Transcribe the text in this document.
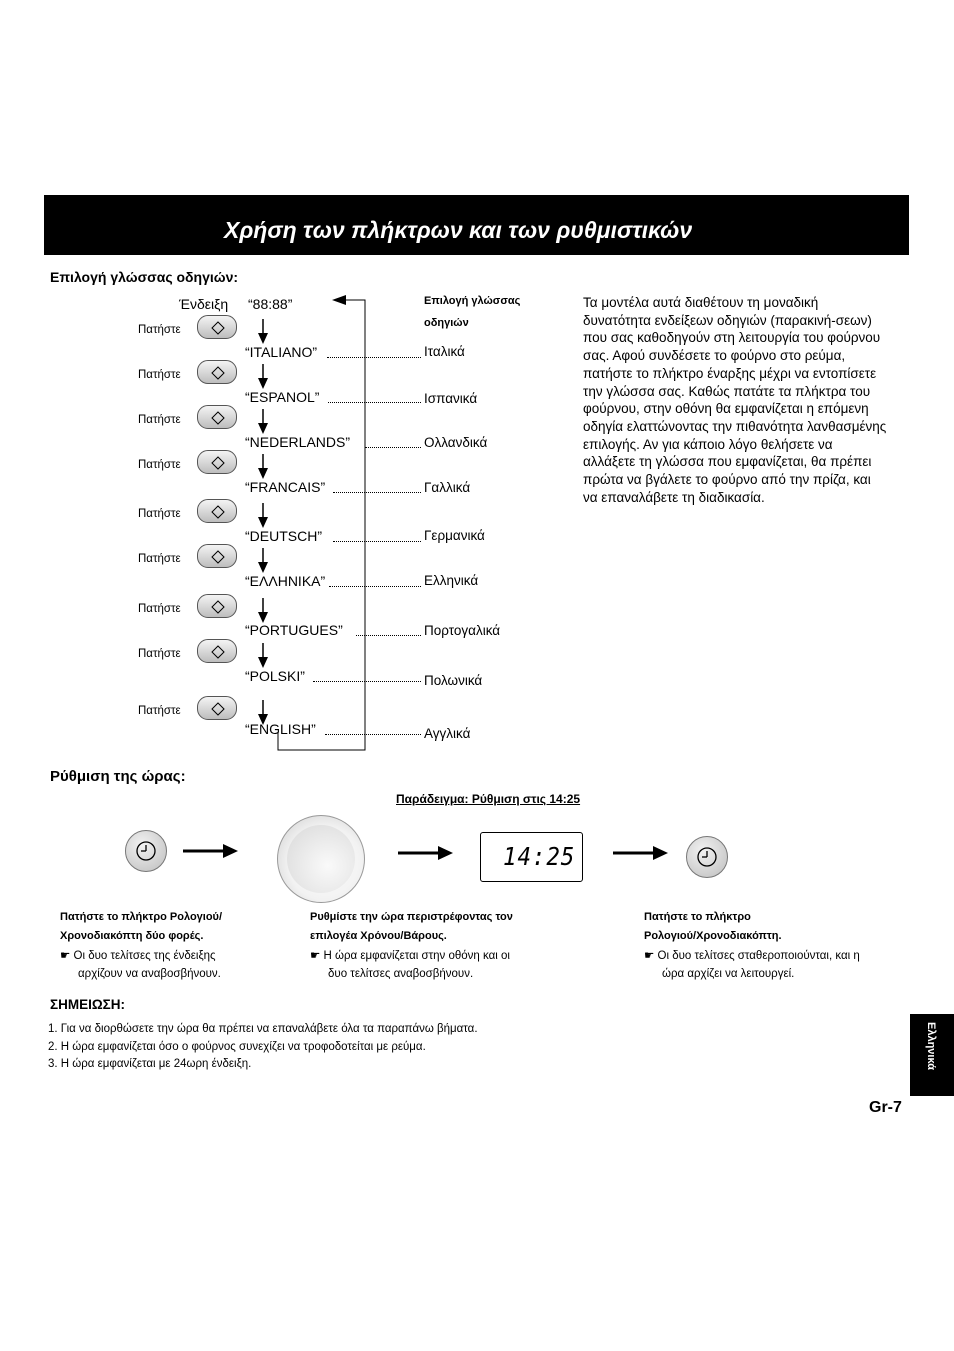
Χρήση των πλήκτρων και των ρυθμιστικών
Επιλογή γλώσσας οδηγιών:
Ένδειξη “88:88”	Επιλογή γλώσσας
οδηγιών
Πατήστε
“ITALIANO”	Ιταλικά
Πατήστε
“ESPANOL”	Ισπανικά
Πατήστε
“NEDERLANDS”	Ολλανδικά
Πατήστε
“FRANCAIS”	Γαλλικά
Πατήστε
“DEUTSCH”	Γερμανικά
Πατήστε
“ΕΛΛΗΝΙΚΑ”	Ελληνικά
Πατήστε
“PORTUGUES”	Πορτογαλικά
Πατήστε
“POLSKI”	Πολωνικά
Πατήστε
“ENGLISH”	Αγγλικά
Τα μοντέλα αυτά διαθέτουν τη μοναδική δυνατότητα ενδείξεων οδηγιών (παρακινή-σεων) που σας καθοδηγούν στη λειτουργία του φούρνου σας. Αφού συνδέσετε το φούρνο στο ρεύμα, πατήστε το πλήκτρο έναρξης μέχρι να εντοπίσετε την γλώσσα σας. Καθώς πατάτε τα πλήκτρα του φούρνου, στην οθόνη θα εμφανίζεται η επόμενη οδηγία ελαττώνοντας την πιθανότητα λανθασμένης επιλογής. Αν για κάποιο λόγο θελήσετε να αλλάξετε τη γλώσσα που εμφανίζεται, θα πρέπει πρώτα να βγάλετε το φούρνο από την πρίζα, και να επαναλάβετε τη διαδικασία.
Ρύθμιση της ώρας:
Παράδειγμα: Ρύθμιση στις 14:25
14:25
Πατήστε το πλήκτρο Ρολογιού/
Χρονοδιακόπτη δύο φορές.
☛ Οι δυο τελίτσες της ένδειξης
αρχίζουν να αναβοσβήνουν.
Ρυθμίστε την ώρα περιστρέφοντας τον
επιλογέα Χρόνου/Βάρους.
☛ Η ώρα εμφανίζεται στην οθόνη και οι
δυο τελίτσες αναβοσβήνουν.
Πατήστε το πλήκτρο
Ρολογιού/Χρονοδιακόπτη.
☛ Οι δυο τελίτσες σταθεροποιούνται, και η
ώρα αρχίζει να λειτουργεί.
ΣΗΜΕΙΩΣΗ:
1. Για να διορθώσετε την ώρα θα πρέπει να επαναλάβετε όλα τα παραπάνω βήματα.
2. Η ώρα εμφανίζεται όσο ο φούρνος συνεχίζει να τροφοδοτείται με ρεύμα.
3. Η ώρα εμφανίζεται με 24ωρη ένδειξη.	Ελληνικά
Gr-7
